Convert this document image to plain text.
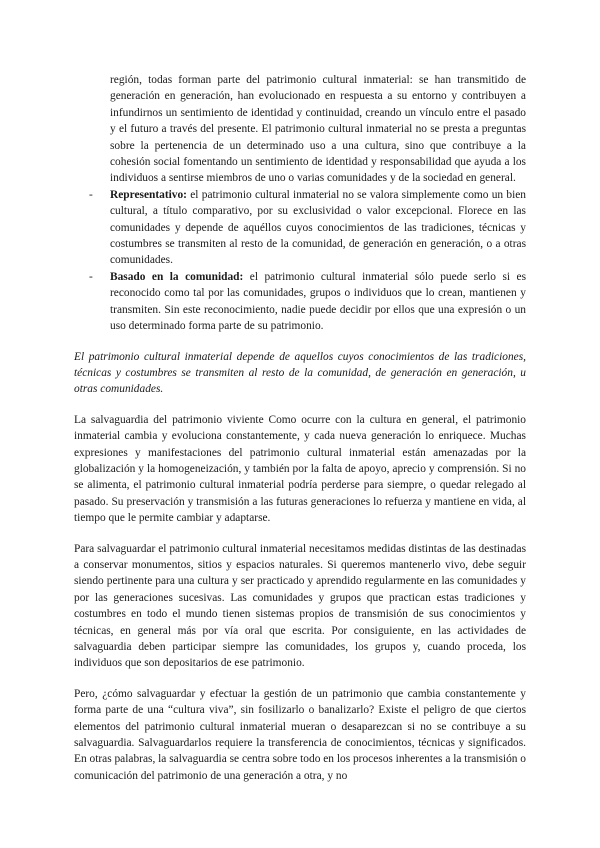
región, todas forman parte del patrimonio cultural inmaterial: se han transmitido de generación en generación, han evolucionado en respuesta a su entorno y contribuyen a infundirnos un sentimiento de identidad y continuidad, creando un vínculo entre el pasado y el futuro a través del presente. El patrimonio cultural inmaterial no se presta a preguntas sobre la pertenencia de un determinado uso a una cultura, sino que contribuye a la cohesión social fomentando un sentimiento de identidad y responsabilidad que ayuda a los individuos a sentirse miembros de uno o varias comunidades y de la sociedad en general.

- Representativo: el patrimonio cultural inmaterial no se valora simplemente como un bien cultural, a título comparativo, por su exclusividad o valor excepcional. Florece en las comunidades y depende de aquéllos cuyos conocimientos de las tradiciones, técnicas y costumbres se transmiten al resto de la comunidad, de generación en generación, o a otras comunidades.
- Basado en la comunidad: el patrimonio cultural inmaterial sólo puede serlo si es reconocido como tal por las comunidades, grupos o individuos que lo crean, mantienen y transmiten. Sin este reconocimiento, nadie puede decidir por ellos que una expresión o un uso determinado forma parte de su patrimonio.

El patrimonio cultural inmaterial depende de aquellos cuyos conocimientos de las tradiciones, técnicas y costumbres se transmiten al resto de la comunidad, de generación en generación, u otras comunidades.

La salvaguardia del patrimonio viviente Como ocurre con la cultura en general, el patrimonio inmaterial cambia y evoluciona constantemente, y cada nueva generación lo enriquece. Muchas expresiones y manifestaciones del patrimonio cultural inmaterial están amenazadas por la globalización y la homogeneización, y también por la falta de apoyo, aprecio y comprensión. Si no se alimenta, el patrimonio cultural inmaterial podría perderse para siempre, o quedar relegado al pasado. Su preservación y transmisión a las futuras generaciones lo refuerza y mantiene en vida, al tiempo que le permite cambiar y adaptarse.

Para salvaguardar el patrimonio cultural inmaterial necesitamos medidas distintas de las destinadas a conservar monumentos, sitios y espacios naturales. Si queremos mantenerlo vivo, debe seguir siendo pertinente para una cultura y ser practicado y aprendido regularmente en las comunidades y por las generaciones sucesivas. Las comunidades y grupos que practican estas tradiciones y costumbres en todo el mundo tienen sistemas propios de transmisión de sus conocimientos y técnicas, en general más por vía oral que escrita. Por consiguiente, en las actividades de salvaguardia deben participar siempre las comunidades, los grupos y, cuando proceda, los individuos que son depositarios de ese patrimonio.

Pero, ¿cómo salvaguardar y efectuar la gestión de un patrimonio que cambia constantemente y forma parte de una “cultura viva”, sin fosilizarlo o banalizarlo? Existe el peligro de que ciertos elementos del patrimonio cultural inmaterial mueran o desaparezcan si no se contribuye a su salvaguardia. Salvaguardarlos requiere la transferencia de conocimientos, técnicas y significados. En otras palabras, la salvaguardia se centra sobre todo en los procesos inherentes a la transmisión o comunicación del patrimonio de una generación a otra, y no
